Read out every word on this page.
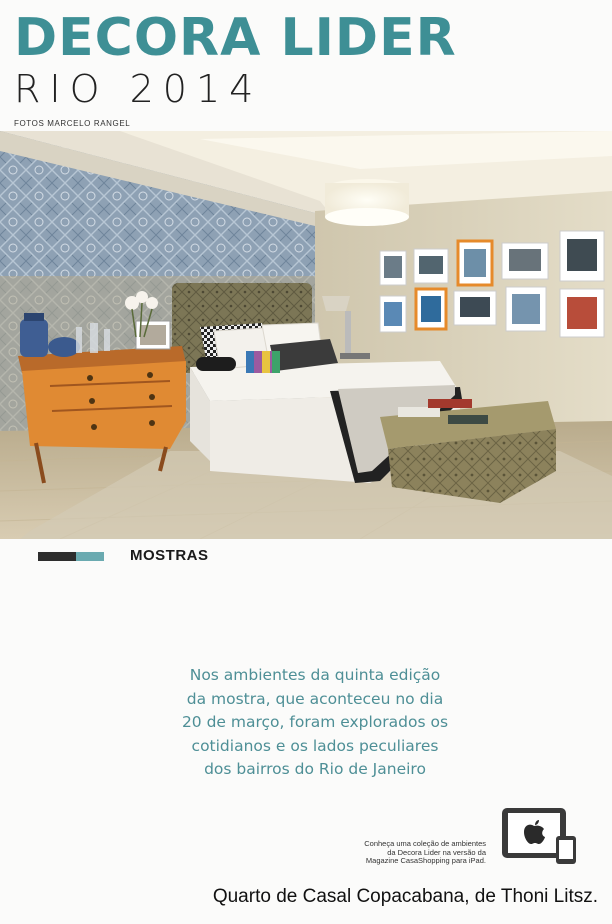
DECORA LIDER
RIO 2014
FOTOS MARCELO RANGEL
MOSTRAS
Nos ambientes da quinta edição
da mostra, que aconteceu no dia
20 de março, foram explorados os
cotidianos e os lados peculiares
dos bairros do Rio de Janeiro
Conheça uma coleção de ambientes
da Decora Lider na versão da
Magazine CasaShopping para iPad.
Quarto de Casal Copacabana, de Thoni Litsz.
